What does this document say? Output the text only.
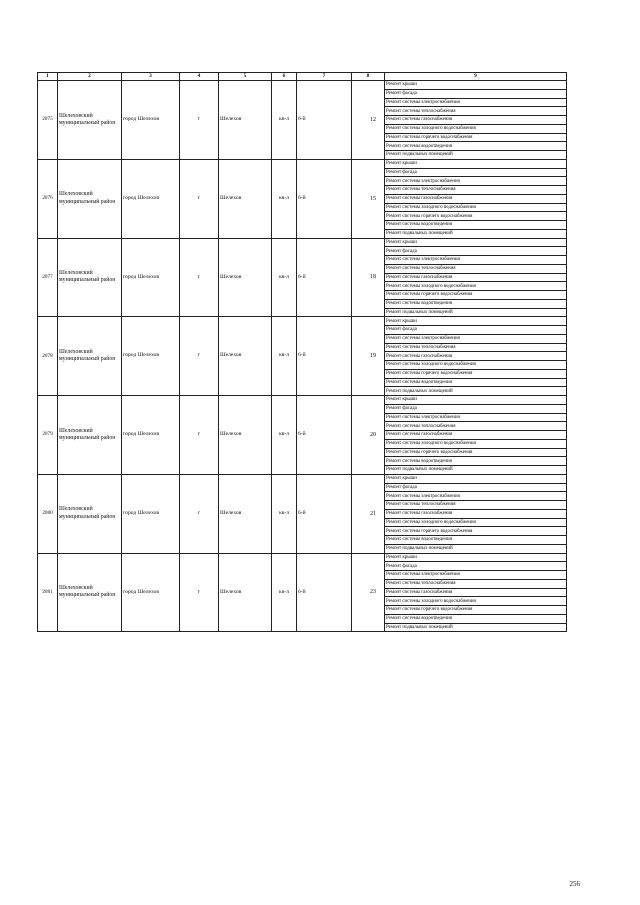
1	2	3	4	5	6	7	8	9
2075	Шелеховский муниципальный район	город Шелехов	г	Шелехов	кв-л	6-й	12	Ремонт крыши
								Ремонт фасада
								Ремонт системы электроснабжения
								Ремонт системы теплоснабжения
								Ремонт системы газоснабжения
								Ремонт системы холодного водоснабжения
								Ремонт системы горячего водоснабжения
								Ремонт системы водоотведения
								Ремонт подвальных помещений
2076	Шелеховский муниципальный район	город Шелехов	г	Шелехов	кв-л	6-й	15	Ремонт крыши
								Ремонт фасада
								Ремонт системы электроснабжения
								Ремонт системы теплоснабжения
								Ремонт системы газоснабжения
								Ремонт системы холодного водоснабжения
								Ремонт системы горячего водоснабжения
								Ремонт системы водоотведения
								Ремонт подвальных помещений
2077	Шелеховский муниципальный район	город Шелехов	г	Шелехов	кв-л	6-й	18	Ремонт крыши
								Ремонт фасада
								Ремонт системы электроснабжения
								Ремонт системы теплоснабжения
								Ремонт системы газоснабжения
								Ремонт системы холодного водоснабжения
								Ремонт системы горячего водоснабжения
								Ремонт системы водоотведения
								Ремонт подвальных помещений
2078	Шелеховский муниципальный район	город Шелехов	г	Шелехов	кв-л	6-й	19	Ремонт крыши
								Ремонт фасада
								Ремонт системы электроснабжения
								Ремонт системы теплоснабжения
								Ремонт системы газоснабжения
								Ремонт системы холодного водоснабжения
								Ремонт системы горячего водоснабжения
								Ремонт системы водоотведения
								Ремонт подвальных помещений
2079	Шелеховский муниципальный район	город Шелехов	г	Шелехов	кв-л	6-й	20	Ремонт крыши
								Ремонт фасада
								Ремонт системы электроснабжения
								Ремонт системы теплоснабжения
								Ремонт системы газоснабжения
								Ремонт системы холодного водоснабжения
								Ремонт системы горячего водоснабжения
								Ремонт системы водоотведения
								Ремонт подвальных помещений
2080	Шелеховский муниципальный район	город Шелехов	г	Шелехов	кв-л	6-й	21	Ремонт крыши
								Ремонт фасада
								Ремонт системы электроснабжения
								Ремонт системы теплоснабжения
								Ремонт системы газоснабжения
								Ремонт системы холодного водоснабжения
								Ремонт системы горячего водоснабжения
								Ремонт системы водоотведения
								Ремонт подвальных помещений
2081	Шелеховский муниципальный район	город Шелехов	г	Шелехов	кв-л	6-й	23	Ремонт крыши
								Ремонт фасада
								Ремонт системы электроснабжения
								Ремонт системы теплоснабжения
								Ремонт системы газоснабжения
								Ремонт системы холодного водоснабжения
								Ремонт системы горячего водоснабжения
								Ремонт системы водоотведения
								Ремонт подвальных помещений
256
